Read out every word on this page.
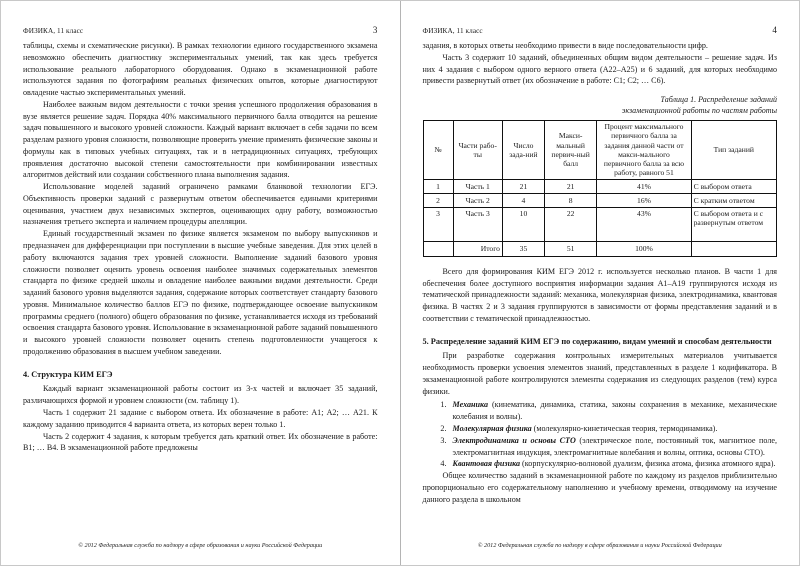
ФИЗИКА, 11 класс	3

таблицы, схемы и схематические рисунки). В рамках технологии единого государственного экзамена невозможно обеспечить диагностику экспериментальных умений, так как здесь требуется использование реального лабораторного оборудования. Однако в экзаменационной работе используются задания по фотографиям реальных физических опытов, которые диагностируют овладение частью экспериментальных умений.

Наиболее важным видом деятельности с точки зрения успешного продолжения образования в вузе является решение задач. Порядка 40% максимального первичного балла отводится на решение задач повышенного и высокого уровней сложности. Каждый вариант включает в себя задачи по всем разделам разного уровня сложности, позволяющие проверить умение применять физические законы и формулы как в типовых учебных ситуациях, так и в нетрадиционных ситуациях, требующих проявления достаточно высокой степени самостоятельности при комбинировании известных алгоритмов действий или создании собственного плана выполнения задания.

Использование моделей заданий ограничено рамками бланковой технологии ЕГЭ. Объективность проверки заданий с развернутым ответом обеспечивается едиными критериями оценивания, участием двух независимых экспертов, оценивающих одну работу, возможностью назначения третьего эксперта и наличием процедуры апелляции.

Единый государственный экзамен по физике является экзаменом по выбору выпускников и предназначен для дифференциации при поступлении в высшие учебные заведения. Для этих целей в работу включаются задания трех уровней сложности. Выполнение заданий базового уровня сложности позволяет оценить уровень освоения наиболее значимых содержательных элементов стандарта по физике средней школы и овладение наиболее важными видами деятельности. Среди заданий базового уровня выделяются задания, содержание которых соответствует стандарту базового уровня. Минимальное количество баллов ЕГЭ по физике, подтверждающее освоение выпускником программы среднего (полного) общего образования по физике, устанавливается исходя из требований освоения стандарта базового уровня. Использование в экзаменационной работе заданий повышенного и высокого уровней сложности позволяет оценить степень подготовленности учащегося к продолжению образования в высшем учебном заведении.

4. Структура КИМ ЕГЭ

Каждый вариант экзаменационной работы состоит из 3-х частей и включает 35 заданий, различающихся формой и уровнем сложности (см. таблицу 1).

Часть 1 содержит 21 задание с выбором ответа. Их обозначение в работе: А1; А2; … А21. К каждому заданию приводится 4 варианта ответа, из которых верен только 1.

Часть 2 содержит 4 задания, к которым требуется дать краткий ответ. Их обозначение в работе: В1; … В4. В экзаменационной работе предложены

© 2012 Федеральная служба по надзору в сфере образования и науки Российской Федерации
ФИЗИКА, 11 класс	4

задания, в которых ответы необходимо привести в виде последовательности цифр.

Часть 3 содержит 10 заданий, объединенных общим видом деятельности – решение задач. Из них 4 задания с выбором одного верного ответа (А22–А25) и 6 заданий, для которых необходимо привести развернутый ответ (их обозначение в работе: С1; С2; … С6).

Таблица 1. Распределение заданий
экзаменационной работы по частям работы
№	Части рабо-ты	Число зада-ний	Макси-мальный первич-ный балл	Процент максимального первичного балла за задания данной части от макси-мального первичного балла за всю работу, равного 51	Тип заданий
1	Часть 1	21	21	41%	С выбором ответа
2	Часть 2	4	8	16%	С кратким ответом
3	Часть 3	10	22	43%	С выбором ответа и с развернутым ответом
	Итого	35	51	100%	

Всего для формирования КИМ ЕГЭ 2012 г. используется несколько планов. В части 1 для обеспечения более доступного восприятия информации задания А1–А19 группируются исходя из тематической принадлежности заданий: механика, молекулярная физика, электродинамика, квантовая физика. В частях 2 и 3 задания группируются в зависимости от формы представления заданий и в соответствии с тематической принадлежностью.

5. Распределение заданий КИМ ЕГЭ по содержанию, видам умений и способам деятельности

При разработке содержания контрольных измерительных материалов учитывается необходимость проверки усвоения элементов знаний, представленных в разделе 1 кодификатора. В экзаменационной работе контролируются элементы содержания из следующих разделов (тем) курса физики.

1. Механика (кинематика, динамика, статика, законы сохранения в механике, механические колебания и волны).
2. Молекулярная физика (молекулярно-кинетическая теория, термодинамика).
3. Электродинамика и основы СТО (электрическое поле, постоянный ток, магнитное поле, электромагнитная индукция, электромагнитные колебания и волны, оптика, основы СТО).
4. Квантовая физика (корпускулярно-волновой дуализм, физика атома, физика атомного ядра).

Общее количество заданий в экзаменационной работе по каждому из разделов приблизительно пропорционально его содержательному наполнению и учебному времени, отводимому на изучение данного раздела в школьном

© 2012 Федеральная служба по надзору в сфере образования и науки Российской Федерации
